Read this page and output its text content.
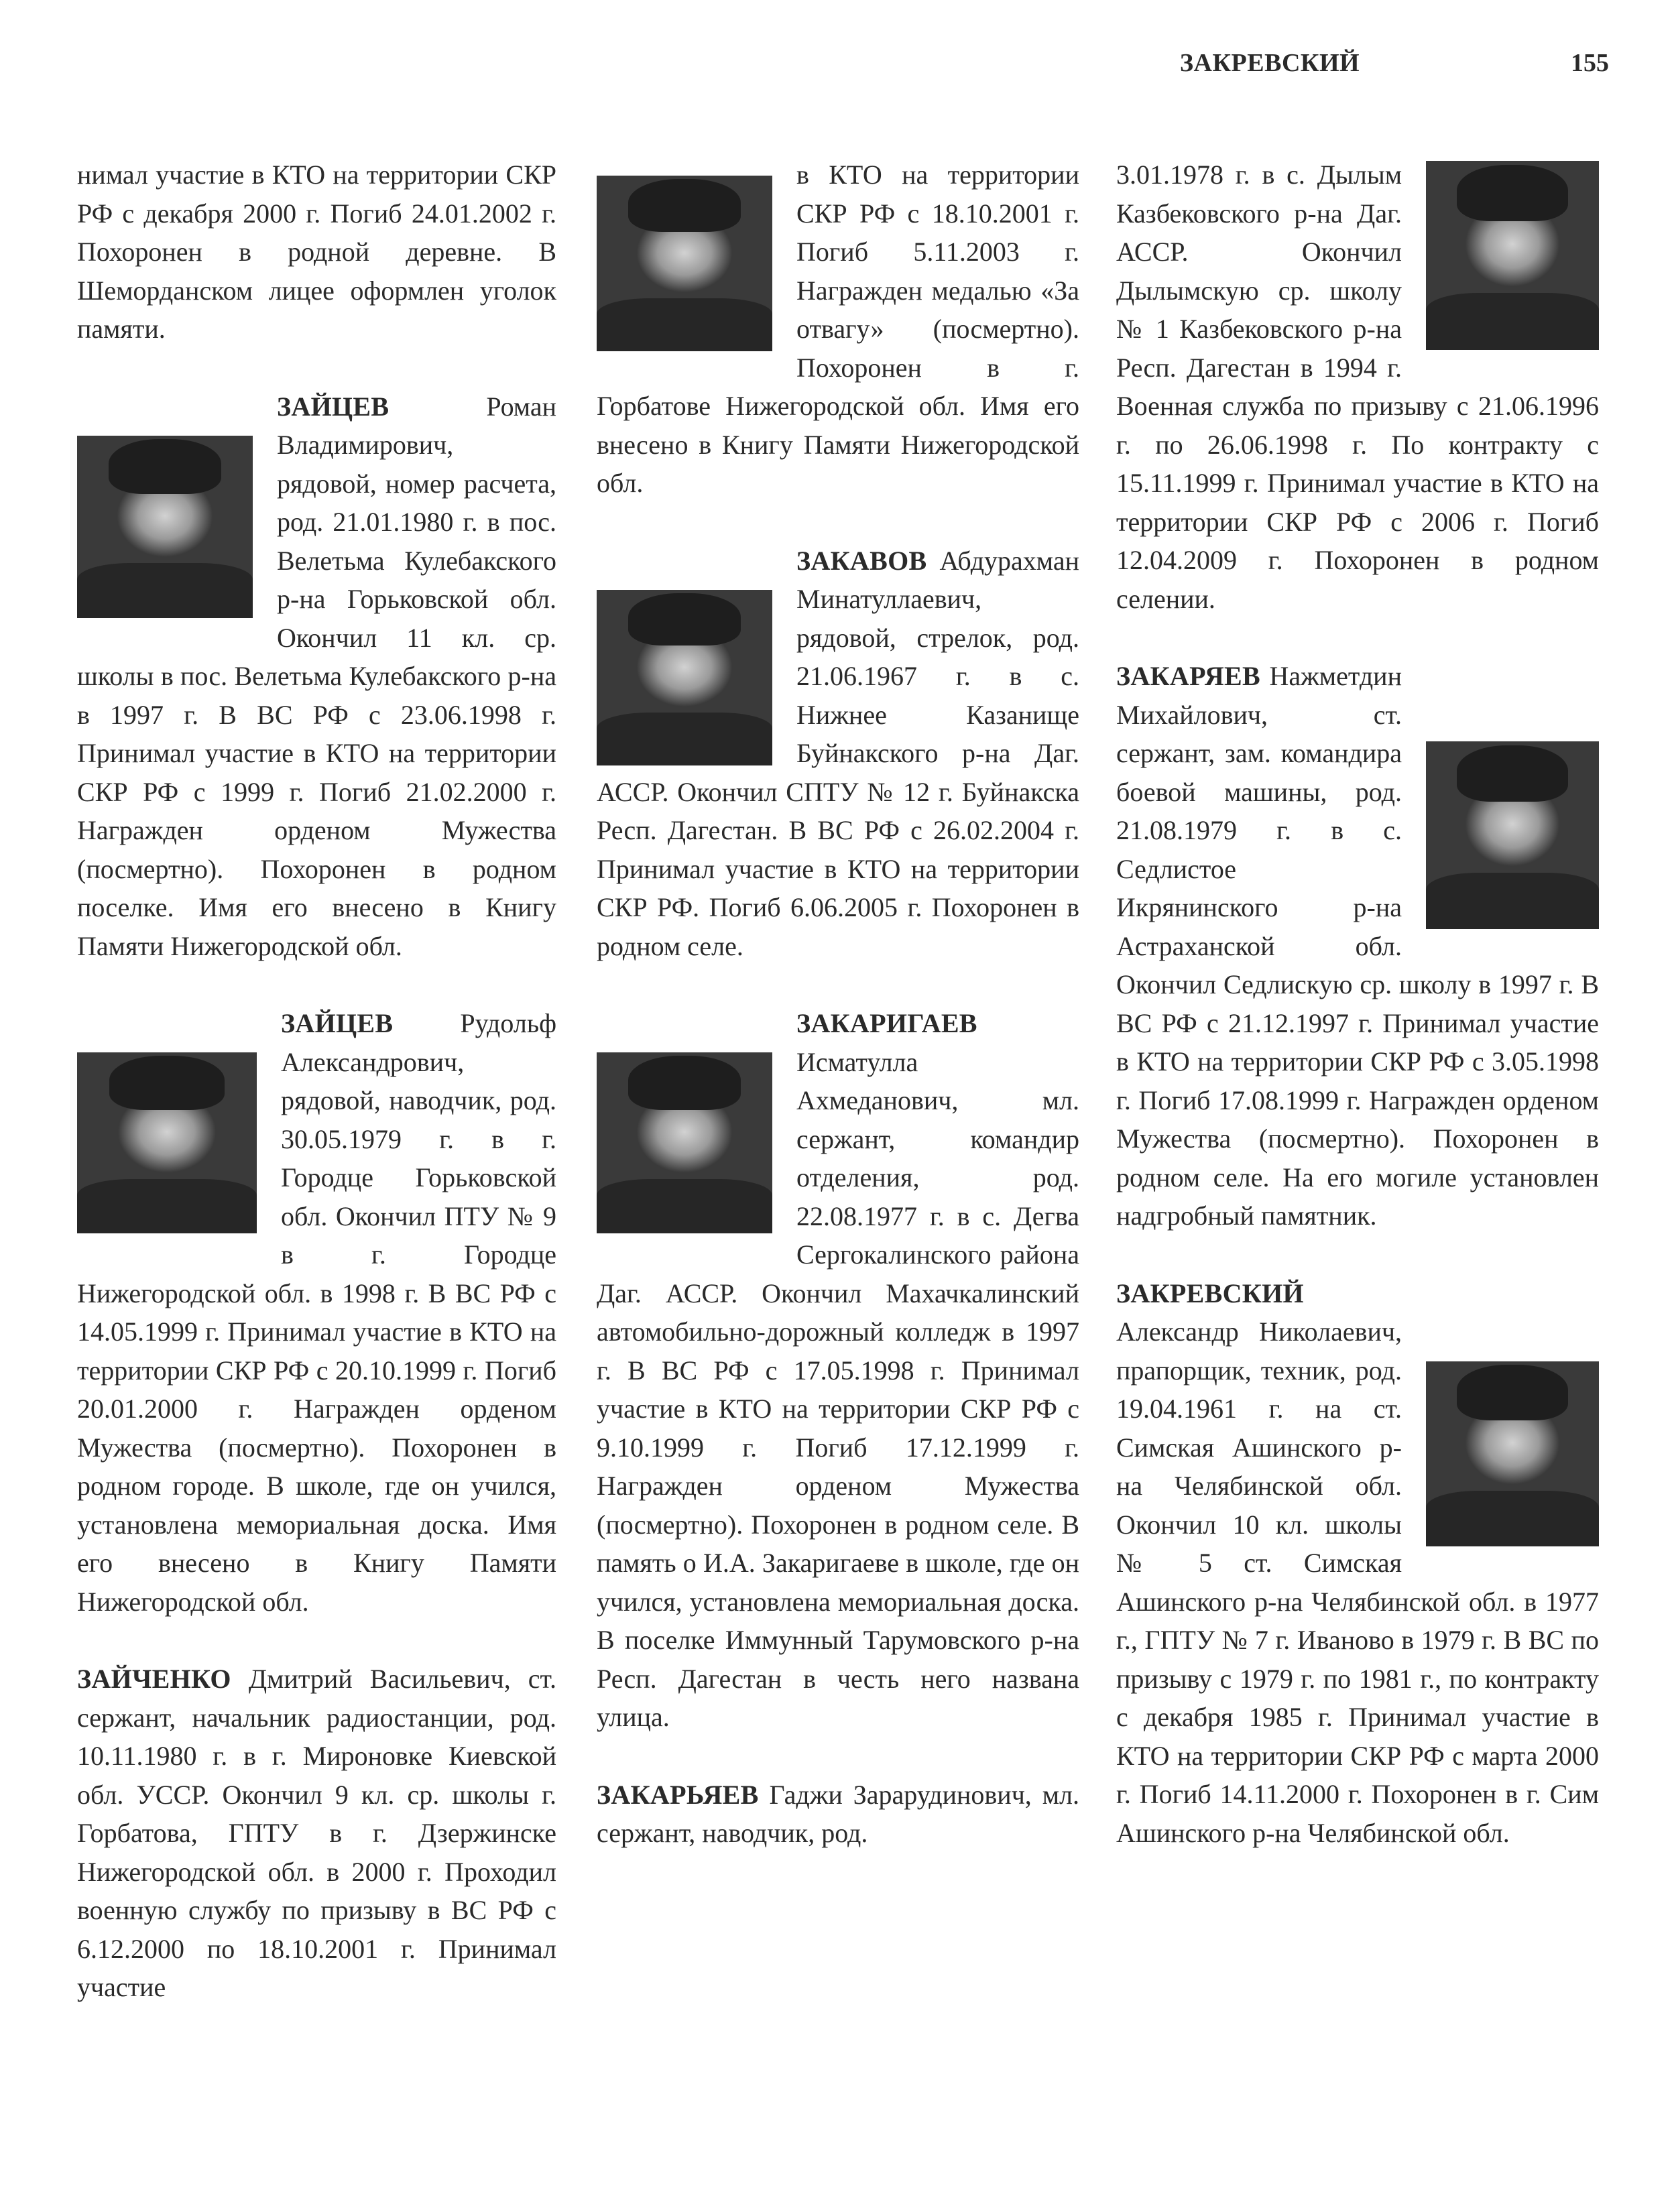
ЗАКРЕВСКИЙ	155

нимал участие в КТО на территории СКР РФ с декабря 2000 г. Погиб 24.01.2002 г. Похоронен в родной деревне. В Шеморданском лицее оформлен уголок памяти.

ЗАЙЦЕВ	Роман Владимирович, рядовой, номер расчета, род. 21.01.1980 г. в пос. Велетьма Кулебакского р-на Горьковской обл. Окончил 11 кл. ср. школы в пос. Велетьма Кулебакского р-на в 1997 г. В ВС РФ с 23.06.1998 г. Принимал участие в КТО на территории СКР РФ с 1999 г. Погиб 21.02.2000 г. Награжден орденом Мужества (посмертно). Похоронен в родном поселке. Имя его внесено в Книгу Памяти Нижегородской обл.

ЗАЙЦЕВ Рудольф Александрович, рядовой, наводчик, род. 30.05.1979 г. в г. Городце Горьковской обл. Окончил ПТУ № 9 в г. Городце Нижегородской обл. в 1998 г. В ВС РФ с 14.05.1999 г. Принимал участие в КТО на территории СКР РФ с 20.10.1999 г. Погиб 20.01.2000 г. Награжден орденом Мужества (посмертно). Похоронен в родном городе. В школе, где он учился, установлена мемориальная доска. Имя его внесено в Книгу Памяти Нижегородской обл.

ЗАЙЧЕНКО Дмитрий Васильевич, ст. сержант, начальник радиостанции, род. 10.11.1980 г. в г. Мироновке Киевской обл. УССР. Окончил 9 кл. ср. школы г. Горбатова, ГПТУ в г. Дзержинске Нижегородской обл. в 2000 г. Проходил военную службу по призыву в ВС РФ с 6.12.2000 по 18.10.2001 г. Принимал участие

в КТО на территории СКР РФ с 18.10.2001 г. Погиб 5.11.2003 г. Награжден медалью «За отвагу» (посмертно). Похоронен в г. Горбатове Нижегородской обл. Имя его внесено в Книгу Памяти Нижегородской обл.

ЗАКАВОВ Абдурахман Минатуллаевич, рядовой, стрелок, род. 21.06.1967 г. в с. Нижнее Казанище Буйнакского р-на Даг. АССР. Окончил СПТУ № 12 г. Буйнакска Респ. Дагестан. В ВС РФ с 26.02.2004 г. Принимал участие в КТО на территории СКР РФ. Погиб 6.06.2005 г. Похоронен в родном селе.

ЗАКАРИГАЕВ
Исматулла Ахмеданович, мл. сержант, командир отделения, род. 22.08.1977 г. в с. Дегва Сергокалинского района Даг. АССР. Окончил Махачкалинский автомобильно-дорожный колледж в 1997 г. В ВС РФ с 17.05.1998 г. Принимал участие в КТО на территории СКР РФ с 9.10.1999 г. Погиб 17.12.1999 г. Награжден орденом Мужества (посмертно). Похоронен в родном селе. В память о И.А. Закаригаеве в школе, где он учился, установлена мемориальная доска. В поселке Иммунный Тарумовского р-на Респ. Дагестан в честь него названа улица.

ЗАКАРЬЯЕВ Гаджи Зарарудинович, мл. сержант, наводчик, род.

3.01.1978 г. в с. Дылым Казбековского р-на Даг. АССР. Окончил Дылымскую ср. школу № 1 Казбековского р-на Респ. Дагестан в 1994 г. Военная служба по призыву с 21.06.1996 г. по 26.06.1998 г. По контракту с 15.11.1999 г. Принимал участие в КТО на территории СКР РФ с 2006 г. Погиб 12.04.2009 г. Похоронен в родном селении.

ЗАКАРЯЕВ Нажметдин Михайлович, ст. сержант, зам. командира боевой машины, род. 21.08.1979 г. в с. Седлистое Икрянинского р-на Астраханской обл. Окончил Седлискую ср. школу в 1997 г. В ВС РФ с 21.12.1997 г. Принимал участие в КТО на территории СКР РФ с 3.05.1998 г. Погиб 17.08.1999 г. Награжден орденом Мужества (посмертно). Похоронен в родном селе. На его могиле установлен надгробный памятник.

ЗАКРЕВСКИЙ
Александр Николаевич, прапорщик, техник, род. 19.04.1961 г. на ст. Симская Ашинского р-на Челябинской обл. Окончил 10 кл. школы № 5 ст. Симская Ашинского р-на Челябинской обл. в 1977 г., ГПТУ № 7 г. Иваново в 1979 г. В ВС по призыву с 1979 г. по 1981 г., по контракту с декабря 1985 г. Принимал участие в КТО на территории СКР РФ с марта 2000 г. Погиб 14.11.2000 г. Похоронен в г. Сим Ашинского р-на Челябинской обл.
